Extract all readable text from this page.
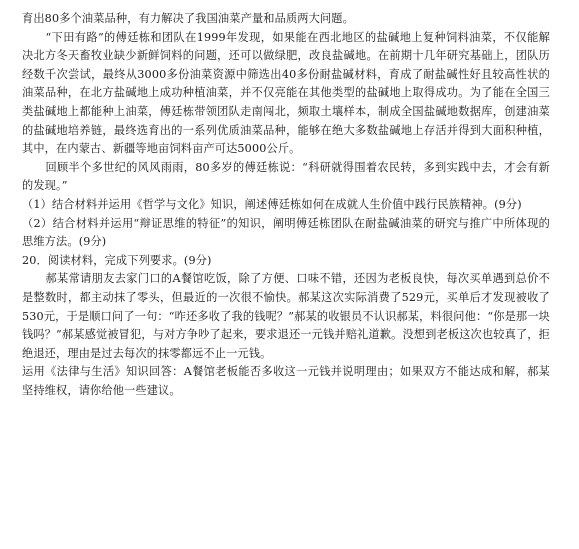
育出80多个油菜品种，有力解决了我国油菜产量和品质两大问题。

“下田有路”的傅廷栋和团队在1999年发现，如果能在西北地区的盐碱地上复种饲料油菜，不仅能解决北方冬天畜牧业缺少新鲜饲料的问题，还可以做绿肥，改良盐碱地。在前期十几年研究基础上，团队历经数千次尝试，最终从3000多份油菜资源中筛选出40多份耐盐碱材料，育成了耐盐碱性好且较高性状的油菜品种，在北方盐碱地上成功种植油菜，并不仅亮能在其他类型的盐碱地上取得成功。为了能在全国三类盐碱地上都能种上油菜，傅廷栋带领团队走南闯北，频取土壤样本，制成全国盐碱地数据库，创建油菜的盐碱地培养链，最终选育出的一系列优质油菜品种，能够在绝大多数盐碱地上存活并得到大面积种植，其中，在内蒙古、新疆等地亩饲料亩产可达5000公斤。

回顾半个多世纪的风风雨雨，80多岁的傅廷栋说：“科研就得围着农民转，多到实践中去，才会有新的发现。”

（1）结合材料并运用《哲学与文化》知识，阐述傅廷栋如何在成就人生价值中践行民族精神。(9分)

（2）结合材料并运用“辩证思维的特征”的知识，阐明傅廷栋团队在耐盐碱油菜的研究与推广中所体现的思维方法。(9分)

20．阅读材料，完成下列要求。(9分)

郝某常请朋友去家门口的A餐馆吃饭，除了方便、口味不错，还因为老板良快，每次买单遇到总价不是整数时，都主动抹了零头，但最近的一次很不愉快。郝某这次实际消费了529元，买单后才发现被收了530元，于是顺口问了一句：“咋还多收了我的钱呢？”郝某的收银员不认识郝某，料很问他：“你是那一块钱吗？”郝某感觉被冒犯，与对方争吵了起来，要求退还一元钱并赔礼道歉。没想到老板这次也较真了，拒绝退还，理由是过去每次的抹零都远不止一元钱。

运用《法律与生活》知识回答：A餐馆老板能否多收这一元钱并说明理由；如果双方不能达成和解，郝某坚持维权，请你给他一些建议。
